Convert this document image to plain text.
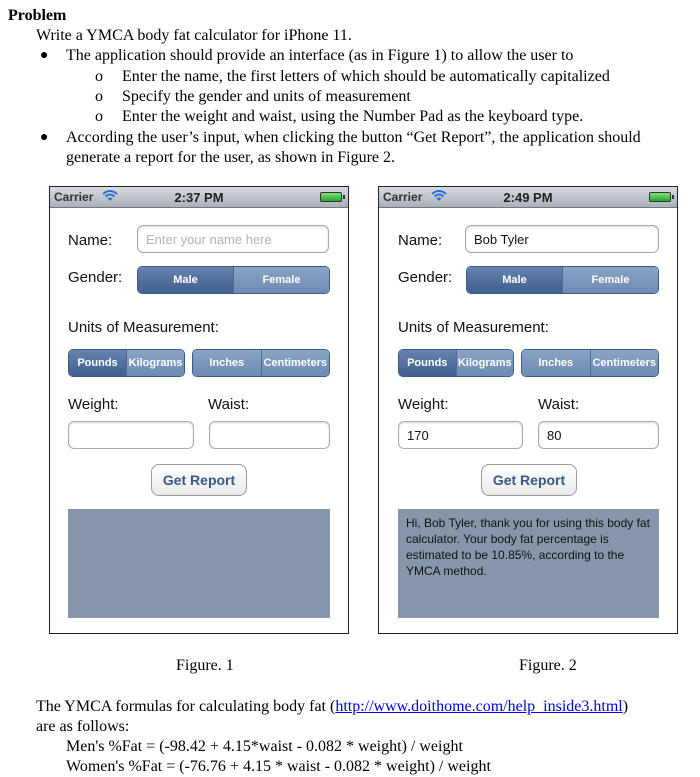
Problem
Write a YMCA body fat calculator for iPhone 11.
● The application should provide an interface (as in Figure 1) to allow the user to
o Enter the name, the first letters of which should be automatically capitalized
o Specify the gender and units of measurement
o Enter the weight and waist, using the Number Pad as the keyboard type.
● According the user’s input, when clicking the button “Get Report”, the application should
generate a report for the user, as shown in Figure 2.
Carrier	2:37 PM
Name:	Enter your name here
Gender:	Male	Female
Units of Measurement:
Pounds Kilograms	Inches	Centimeters
Weight:	Waist:
Get Report
Carrier	2:49 PM
Name:	Bob Tyler
Gender:	Male	Female
Units of Measurement:
Pounds Kilograms	Inches	Centimeters
Weight:	Waist:
170	80
Get Report
Hi, Bob Tyler, thank you for using this body fat calculator. Your body fat percentage is estimated to be 10.85%, according to the YMCA method.
Figure. 1	Figure. 2
The YMCA formulas for calculating body fat (http://www.doithome.com/help_inside3.html)
are as follows:
Men's %Fat = (-98.42 + 4.15*waist - 0.082 * weight) / weight
Women's %Fat = (-76.76 + 4.15 * waist - 0.082 * weight) / weight
